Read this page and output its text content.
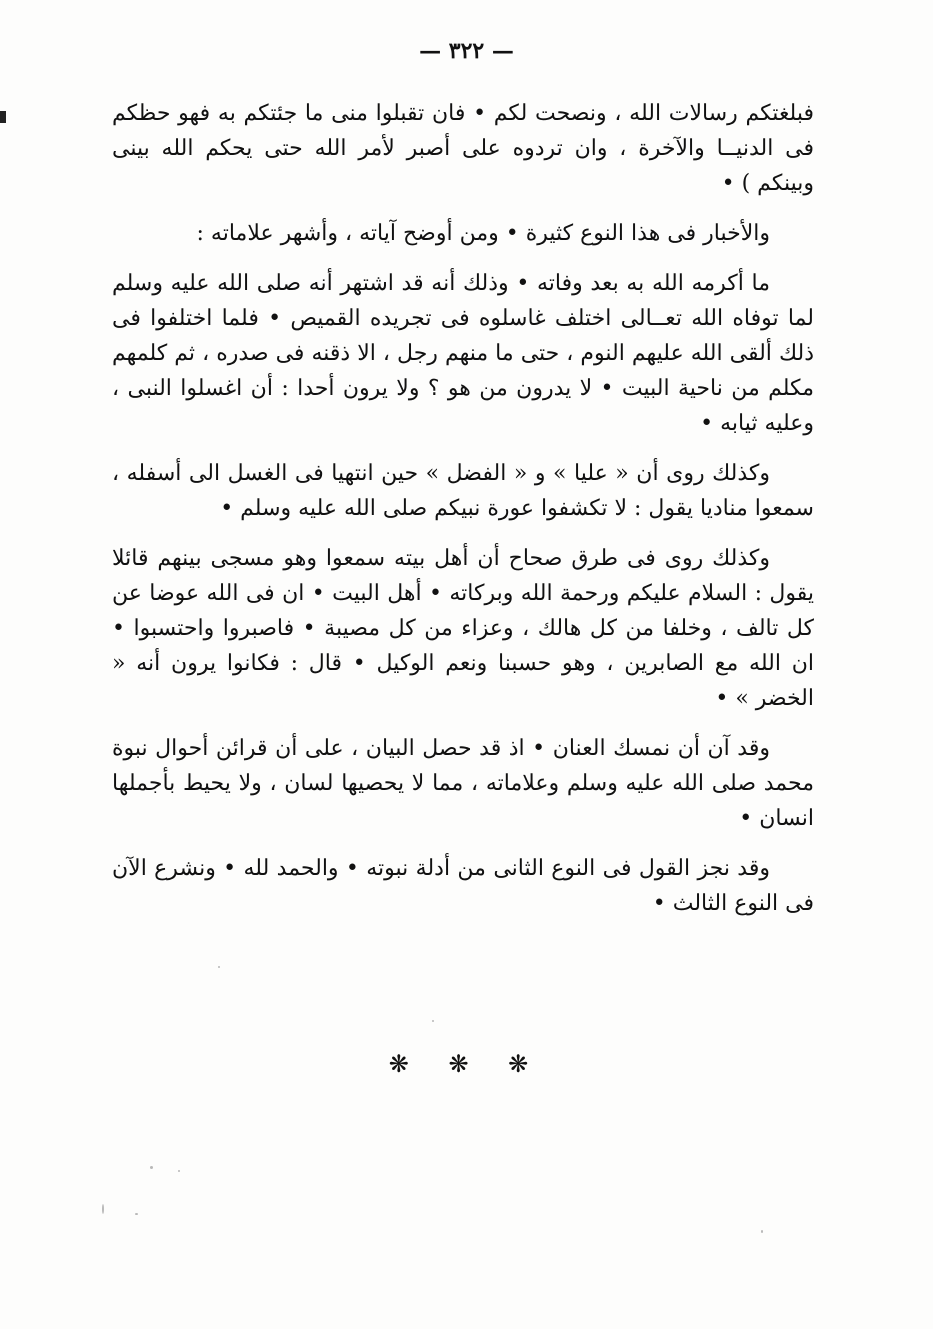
— ٣٢٢ —

فبلغتكم رسالات الله ، ونصحت لكم • فان تقبلوا منى ما جئتكم به فهو حظكم فى الدنيــا والآخرة ، وان تردوه على أصبر لأمر الله حتى يحكم الله بينى وبينكم ) •

والأخبار فى هذا النوع كثيرة • ومن أوضح آياته ، وأشهر علاماته :

ما أكرمه الله به بعد وفاته • وذلك أنه قد اشتهر أنه صلى الله عليه وسلم لما توفاه الله تعــالى اختلف غاسلوه فى تجريده القميص • فلما اختلفوا فى ذلك ألقى الله عليهم النوم ، حتى ما منهم رجل ، الا ذقنه فى صدره ، ثم كلمهم مكلم من ناحية البيت • لا يدرون من هو ؟ ولا يرون أحدا : أن اغسلوا النبى ، وعليه ثيابه •

وكذلك روى أن « عليا » و « الفضل » حين انتهيا فى الغسل الى أسفله ، سمعوا مناديا يقول : لا تكشفوا عورة نبيكم صلى الله عليه وسلم •

وكذلك روى فى طرق صحاح أن أهل بيته سمعوا وهو مسجى بينهم قائلا يقول : السلام عليكم ورحمة الله وبركاته • أهل البيت • ان فى الله عوضا عن كل تالف ، وخلفا من كل هالك ، وعزاء من كل مصيبة • فاصبروا واحتسبوا • ان الله مع الصابرين ، وهو حسبنا ونعم الوكيل • قال : فكانوا يرون أنه « الخضر » •

وقد آن أن نمسك العنان • اذ قد حصل البيان ، على أن قرائن أحوال نبوة محمد صلى الله عليه وسلم وعلاماته ، مما لا يحصيها لسان ، ولا يحيط بأجملها انسان •

وقد نجز القول فى النوع الثانى من أدلة نبوته • والحمد لله • ونشرع الآن فى النوع الثالث •

❋ ❋ ❋
